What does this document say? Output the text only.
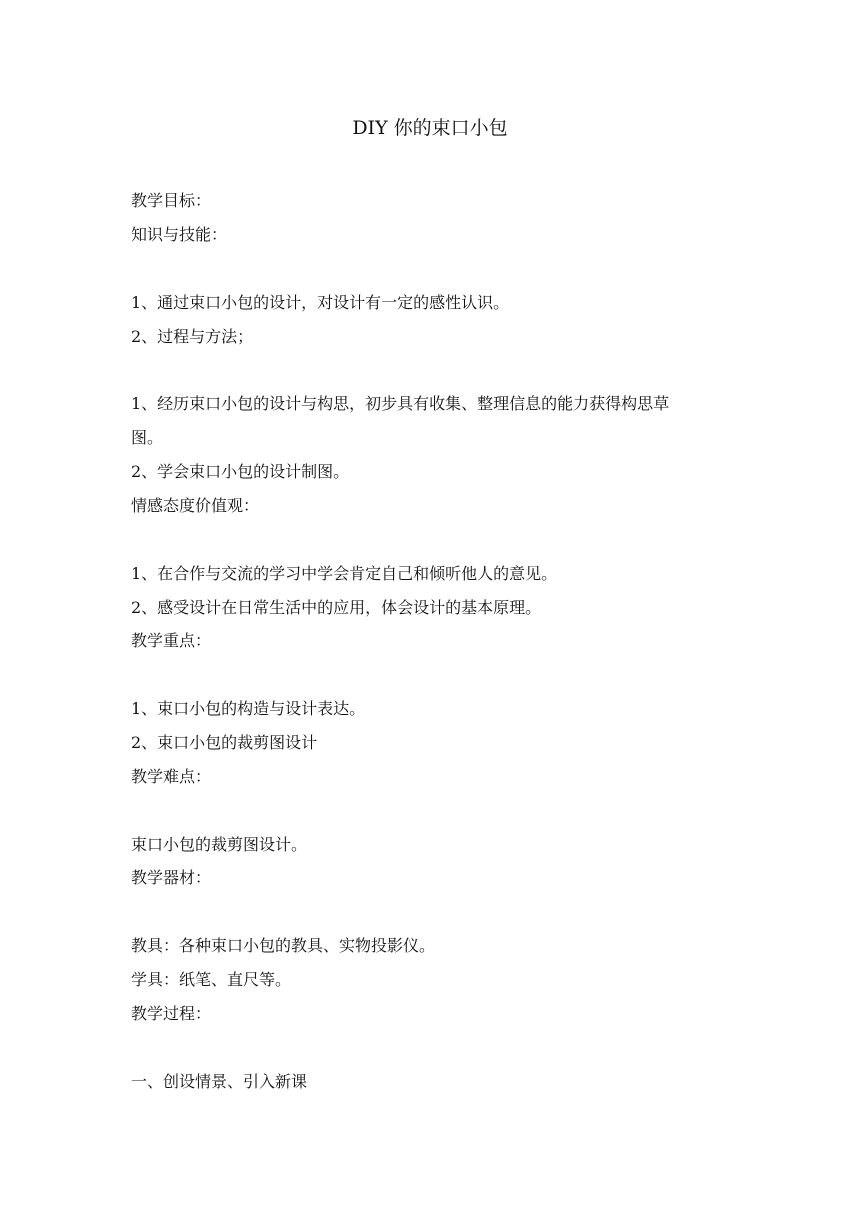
DIY 你的束口小包
教学目标：
知识与技能：
1、通过束口小包的设计，对设计有一定的感性认识。
2、过程与方法；
1、经历束口小包的设计与构思，初步具有收集、整理信息的能力获得构思草
图。
2、学会束口小包的设计制图。
情感态度价值观：
1、在合作与交流的学习中学会肯定自己和倾听他人的意见。
2、感受设计在日常生活中的应用，体会设计的基本原理。
教学重点：
1、束口小包的构造与设计表达。
2、束口小包的裁剪图设计
教学难点：
束口小包的裁剪图设计。
教学器材：
教具：各种束口小包的教具、实物投影仪。
学具：纸笔、直尺等。
教学过程：
一、创设情景、引入新课
